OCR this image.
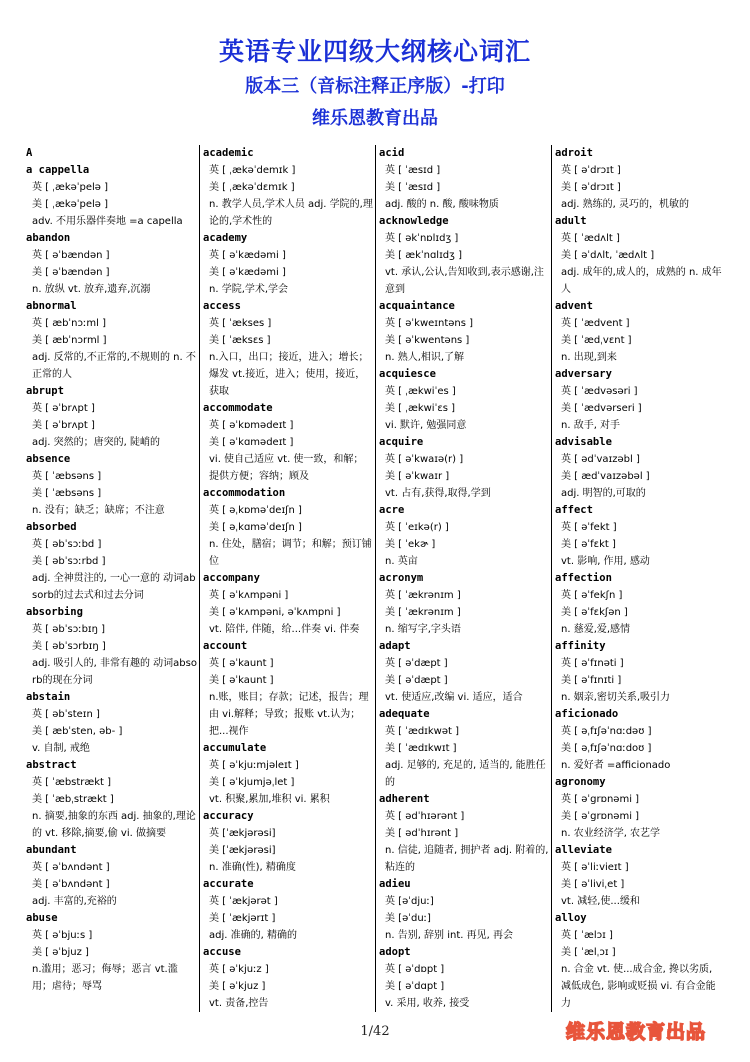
英语专业四级大纲核心词汇
版本三（音标注释正序版）-打印
维乐恩教育出品
A
a cappella
英 [ ˌækəˈpelə ]
美 [ ˌækəˈpelə ]
adv. 不用乐器伴奏地 =a capella
abandon
英 [ əˈbændən ]
美 [ əˈbændən ]
n. 放纵 vt. 放弃,遗弃,沉溺
abnormal
英 [ æbˈnɔːml ]
美 [ æbˈnɔrml ]
adj. 反常的,不正常的,不规则的 n. 不正常的人
abrupt
英 [ əˈbrʌpt ]
美 [ əˈbrʌpt ]
adj. 突然的；唐突的, 陡峭的
absence
英 [ ˈæbsəns ]
美 [ ˈæbsəns ]
n. 没有；缺乏；缺席；不注意
absorbed
英 [ əbˈsɔːbd ]
美 [ əbˈsɔːrbd ]
adj. 全神贯注的, 一心一意的 动词absorb的过去式和过去分词
absorbing
英 [ əbˈsɔːbɪŋ ]
美 [ əbˈsɔrbɪŋ ]
adj. 吸引人的, 非常有趣的 动词absorb的现在分词
abstain
英 [ əbˈsteɪn ]
美 [ æbˈsten, əb- ]
v. 自制, 戒绝
abstract
英 [ ˈæbstrækt ]
美 [ ˈæbˌstrækt ]
n. 摘要,抽象的东西 adj. 抽象的,理论的 vt. 移除,摘要,偷 vi. 做摘要
abundant
英 [ əˈbʌndənt ]
美 [ əˈbʌndənt ]
adj. 丰富的,充裕的
abuse
英 [ əˈbjuːs ]
美 [ əˈbjuz ]
n.滥用；恶习；侮辱；恶言 vt.滥用；虐待；辱骂
academic
英 [ ˌækəˈdemɪk ]
美 [ ˌækəˈdɛmɪk ]
n. 教学人员,学术人员 adj. 学院的,理论的,学术性的
academy
英 [ əˈkædəmi ]
美 [ əˈkædəmi ]
n. 学院,学术,学会
access
英 [ ˈækses ]
美 [ ˈæksɛs ]
n.入口，出口；接近，进入；增长；爆发 vt.接近，进入；使用，接近，获取
accommodate
英 [ əˈkɒmədeɪt ]
美 [ əˈkɑmədeɪt ]
vi. 使自己适应 vt. 使一致，和解；提供方便；容纳；顾及
accommodation
英 [ əˌkɒməˈdeɪʃn ]
美 [ əˌkɑməˈdeɪʃn ]
n. 住处，膳宿；调节；和解；预订铺位
accompany
英 [ əˈkʌmpəni ]
美 [ əˈkʌmpəni, əˈkʌmpni ]
vt. 陪伴, 伴随，给...伴奏 vi. 伴奏
account
英 [ əˈkaunt ]
美 [ əˈkaunt ]
n.账，账目；存款；记述，报告；理由 vi.解释；导致；报账 vt.认为；把...视作
accumulate
英 [ əˈkjuːmjəleɪt ]
美 [ əˈkjumjəˌlet ]
vt. 积聚,累加,堆积 vi. 累积
accuracy
英 [ˈækjərəsi]
美 [ˈækjərəsi]
n. 准确(性), 精确度
accurate
英 [ ˈækjərət ]
美 [ ˈækjərɪt ]
adj. 准确的, 精确的
accuse
英 [ əˈkjuːz ]
美 [ əˈkjuz ]
vt. 责备,控告
acid
英 [ ˈæsɪd ]
美 [ ˈæsɪd ]
adj. 酸的 n. 酸, 酸味物质
acknowledge
英 [ əkˈnɒlɪdʒ ]
美 [ ækˈnɑlɪdʒ ]
vt. 承认,公认,告知收到,表示感谢,注意到
acquaintance
英 [ əˈkweɪntəns ]
美 [ əˈkwentəns ]
n. 熟人,相识,了解
acquiesce
英 [ ˌækwiˈes ]
美 [ ˌækwiˈɛs ]
vi. 默许, 勉强同意
acquire
英 [ əˈkwaɪə(r) ]
美 [ əˈkwaɪr ]
vt. 占有,获得,取得,学到
acre
英 [ ˈeɪkə(r) ]
美 [ ˈekɚ ]
n. 英亩
acronym
英 [ ˈækrənɪm ]
美 [ ˈækrənɪm ]
n. 缩写字,字头语
adapt
英 [ əˈdæpt ]
美 [ əˈdæpt ]
vt. 使适应,改编 vi. 适应，适合
adequate
英 [ ˈædɪkwət ]
美 [ ˈædɪkwɪt ]
adj. 足够的, 充足的, 适当的, 能胜任的
adherent
英 [ ədˈhɪərənt ]
美 [ ədˈhɪrənt ]
n. 信徒, 追随者, 拥护者 adj. 附着的, 粘连的
adieu
英 [əˈdjuː]
美 [əˈduː]
n. 告别, 辞别 int. 再见, 再会
adopt
英 [ əˈdɒpt ]
美 [ əˈdɑpt ]
v. 采用, 收养, 接受
adroit
英 [ əˈdrɔɪt ]
美 [ əˈdrɔɪt ]
adj. 熟练的, 灵巧的，机敏的
adult
英 [ ˈædʌlt ]
美 [ əˈdʌlt, ˈædʌlt ]
adj. 成年的,成人的，成熟的 n. 成年人
advent
英 [ ˈædvent ]
美 [ ˈædˌvɛnt ]
n. 出现,到来
adversary
英 [ ˈædvəsəri ]
美 [ ˈædvərseri ]
n. 敌手, 对手
advisable
英 [ ədˈvaɪzəbl ]
美 [ ædˈvaɪzəbəl ]
adj. 明智的,可取的
affect
英 [ əˈfekt ]
美 [ əˈfɛkt ]
vt. 影响, 作用, 感动
affection
英 [ əˈfekʃn ]
美 [ əˈfɛkʃən ]
n. 慈爱,爱,感情
affinity
英 [ əˈfɪnəti ]
美 [ əˈfɪnɪti ]
n. 姻亲,密切关系,吸引力
aficionado
英 [ əˌfɪʃəˈnɑːdəʊ ]
美 [ əˌfɪʃəˈnɑːdoʊ ]
n. 爱好者 =afficionado
agronomy
英 [ əˈgrɒnəmi ]
美 [ əˈgrɒnəmi ]
n. 农业经济学, 农艺学
alleviate
英 [ əˈliːvieɪt ]
美 [ əˈliviˌet ]
vt. 减轻,使...缓和
alloy
英 [ ˈælɔɪ ]
美 [ ˈælˌɔɪ ]
n. 合金 vt. 使...成合金, 搀以劣质, 减低成色, 影响或贬损 vi. 有合金能力
1/42	维乐恩教育出品
